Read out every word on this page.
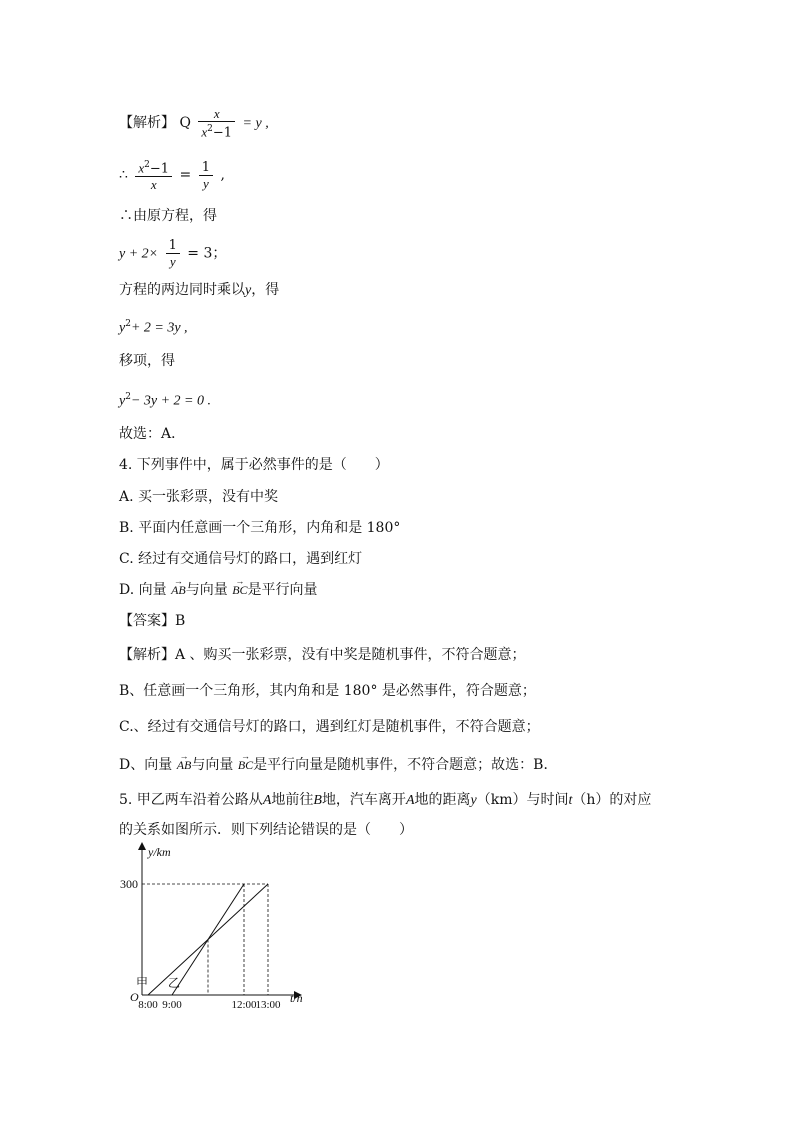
【解析】 Q $\frac{x}{x^2-1} = y$ ,
∴ $\frac{x^2-1}{x} = \frac{1}{y}$ ,
∴由原方程，得
$y + 2\times \frac{1}{y} = 3$；
方程的两边同时乘以y，得
$y^2+ 2 = 3y$ ,
移项，得
$y^2- 3y + 2 = 0$ .
故选：A．
4. 下列事件中，属于必然事件的是（　　）
A. 买一张彩票，没有中奖
B. 平面内任意画一个三角形，内角和是 180°
C. 经过有交通信号灯的路口，遇到红灯
D. 向量 → AB与向量 → BC是平行向量
【答案】B
【解析】A 、购买一张彩票，没有中奖是随机事件，不符合题意；
B、任意画一个三角形，其内角和是 180° 是必然事件，符合题意；
C.、经过有交通信号灯的路口，遇到红灯是随机事件，不符合题意；
D、向量 → AB与向量 → BC是平行向量是随机事件，不符合题意；故选：B．
5. 甲乙两车沿着公路从A地前往B地，汽车离开A地的距离y（km）与时间t（h）的对应
的关系如图所示．则下列结论错误的是（　　）
甲 乙
y/km
t/h
O
300
8:00 9:00	12:00
13:00
